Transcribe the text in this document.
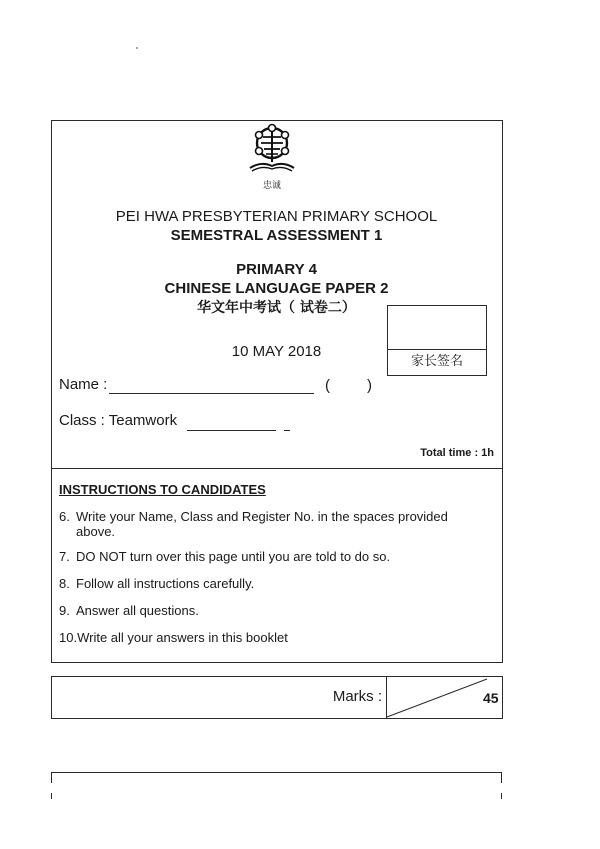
忠诚
PEI HWA PRESBYTERIAN PRIMARY SCHOOL
SEMESTRAL ASSESSMENT 1
PRIMARY 4
CHINESE LANGUAGE PAPER 2
华文年中考试（ 试卷二）
10 MAY 2018
家长签名
Name :	( )
Class : Teamwork
Total time : 1h
INSTRUCTIONS TO CANDIDATES
6. Write your Name, Class and Register No. in the spaces provided above.
7. DO NOT turn over this page until you are told to do so.
8. Follow all instructions carefully.
9. Answer all questions.
10.Write all your answers in this booklet
Marks :	45
